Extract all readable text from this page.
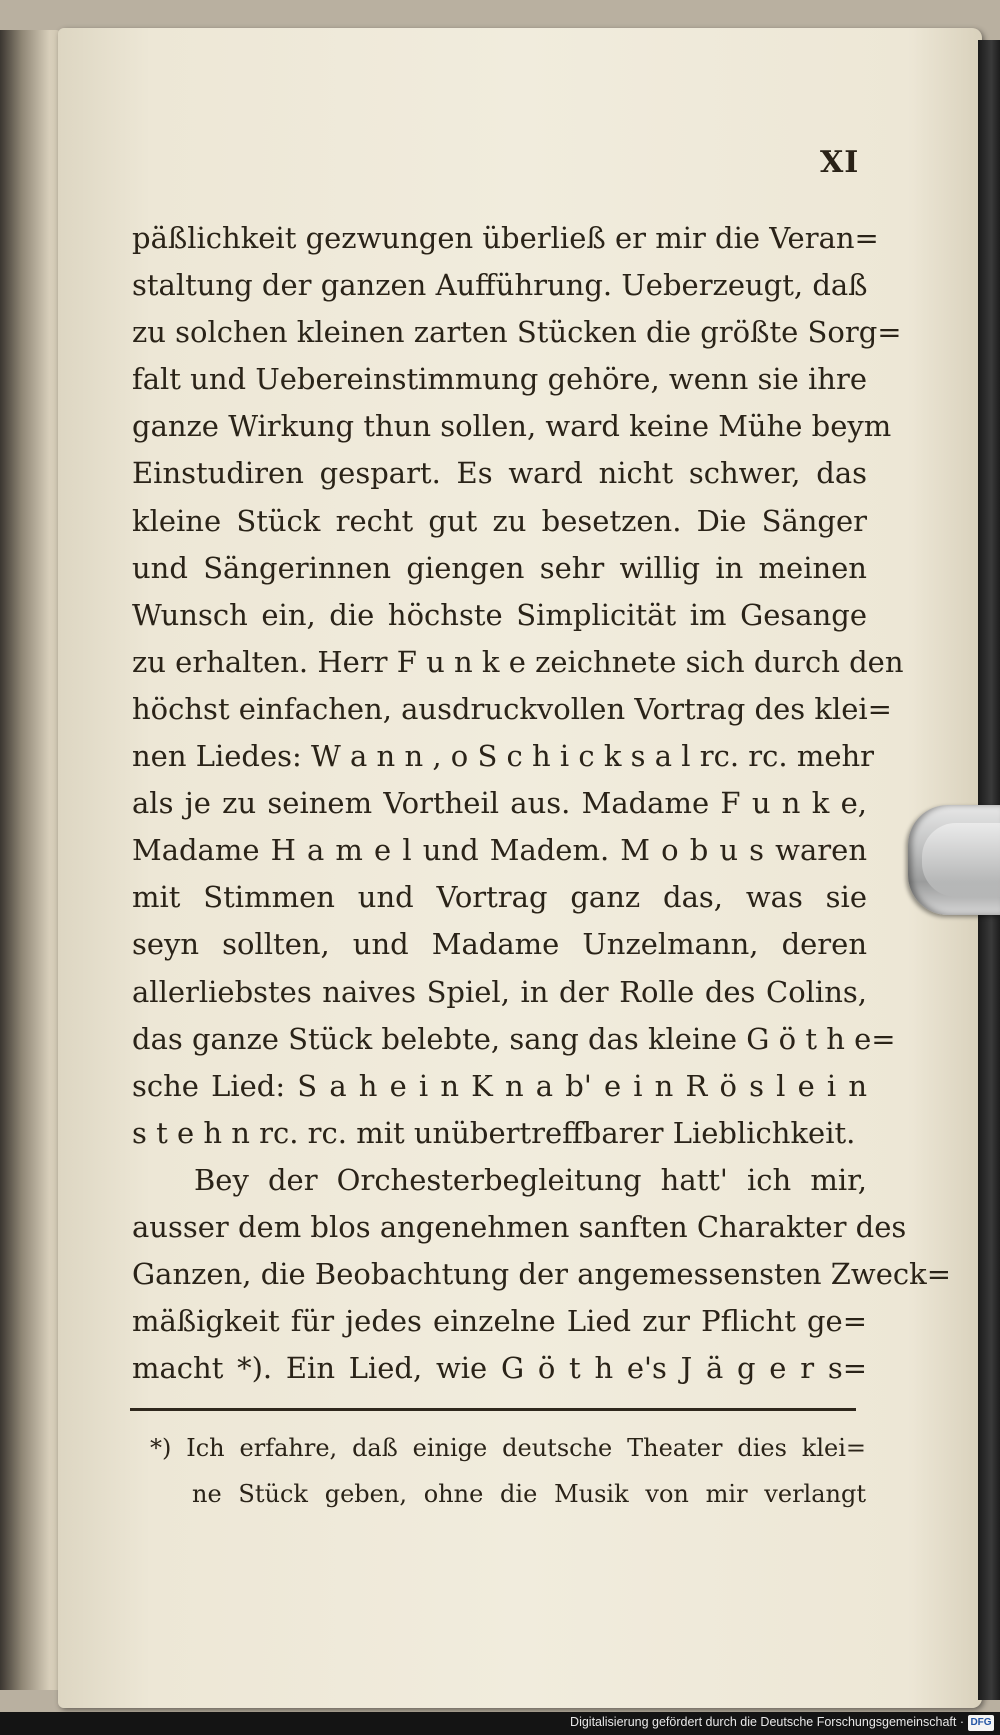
XI
päßlichkeit gezwungen überließ er mir die Veran=
staltung der ganzen Aufführung. Ueberzeugt, daß
zu solchen kleinen zarten Stücken die größte Sorg=
falt und Uebereinstimmung gehöre, wenn sie ihre
ganze Wirkung thun sollen, ward keine Mühe beym
Einstudiren gespart. Es ward nicht schwer, das
kleine Stück recht gut zu besetzen. Die Sänger
und Sängerinnen giengen sehr willig in meinen
Wunsch ein, die höchste Simplicität im Gesange
zu erhalten. Herr F u n k e zeichnete sich durch den
höchst einfachen, ausdruckvollen Vortrag des klei=
nen Liedes: W a n n , o S c h i c k s a l rc. rc. mehr
als je zu seinem Vortheil aus. Madame F u n k e,
Madame H a m e l und Madem. M o b u s waren
mit Stimmen und Vortrag ganz das, was sie
seyn sollten, und Madame Unzelmann, deren
allerliebstes naives Spiel, in der Rolle des Colins,
das ganze Stück belebte, sang das kleine G ö t h e=
sche Lied: S a h e i n K n a b' e i n R ö s l e i n
s t e h n rc. rc. mit unübertreffbarer Lieblichkeit.
Bey der Orchesterbegleitung hatt' ich mir,
ausser dem blos angenehmen sanften Charakter des
Ganzen, die Beobachtung der angemessensten Zweck=
mäßigkeit für jedes einzelne Lied zur Pflicht ge=
macht *). Ein Lied, wie G ö t h e's J ä g e r s=
*) Ich erfahre, daß einige deutsche Theater dies klei=
ne Stück geben, ohne die Musik von mir verlangt
Digitalisierung gefördert durch die Deutsche Forschungsgemeinschaft · DFG
